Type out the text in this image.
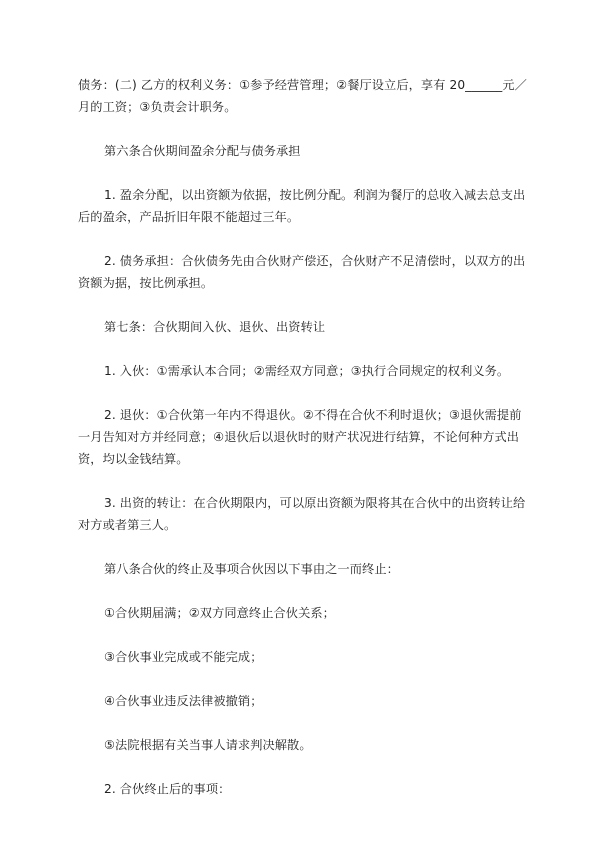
债务：(二) 乙方的权利义务：①参予经营管理；②餐厅设立后，享有 20______元／月的工资；③负责会计职务。

第六条合伙期间盈余分配与债务承担

1. 盈余分配，以出资额为依据，按比例分配。利润为餐厅的总收入减去总支出后的盈余，产品折旧年限不能超过三年。

2. 债务承担：合伙债务先由合伙财产偿还，合伙财产不足清偿时，以双方的出资额为据，按比例承担。

第七条：合伙期间入伙、退伙、出资转让

1. 入伙：①需承认本合同；②需经双方同意；③执行合同规定的权利义务。

2. 退伙：①合伙第一年内不得退伙。②不得在合伙不利时退伙；③退伙需提前一月告知对方并经同意；④退伙后以退伙时的财产状况进行结算，不论何种方式出资，均以金钱结算。

3. 出资的转让：在合伙期限内，可以原出资额为限将其在合伙中的出资转让给对方或者第三人。

第八条合伙的终止及事项合伙因以下事由之一而终止：

①合伙期届满；②双方同意终止合伙关系；

③合伙事业完成或不能完成；

④合伙事业违反法律被撤销；

⑤法院根据有关当事人请求判决解散。

2. 合伙终止后的事项：
